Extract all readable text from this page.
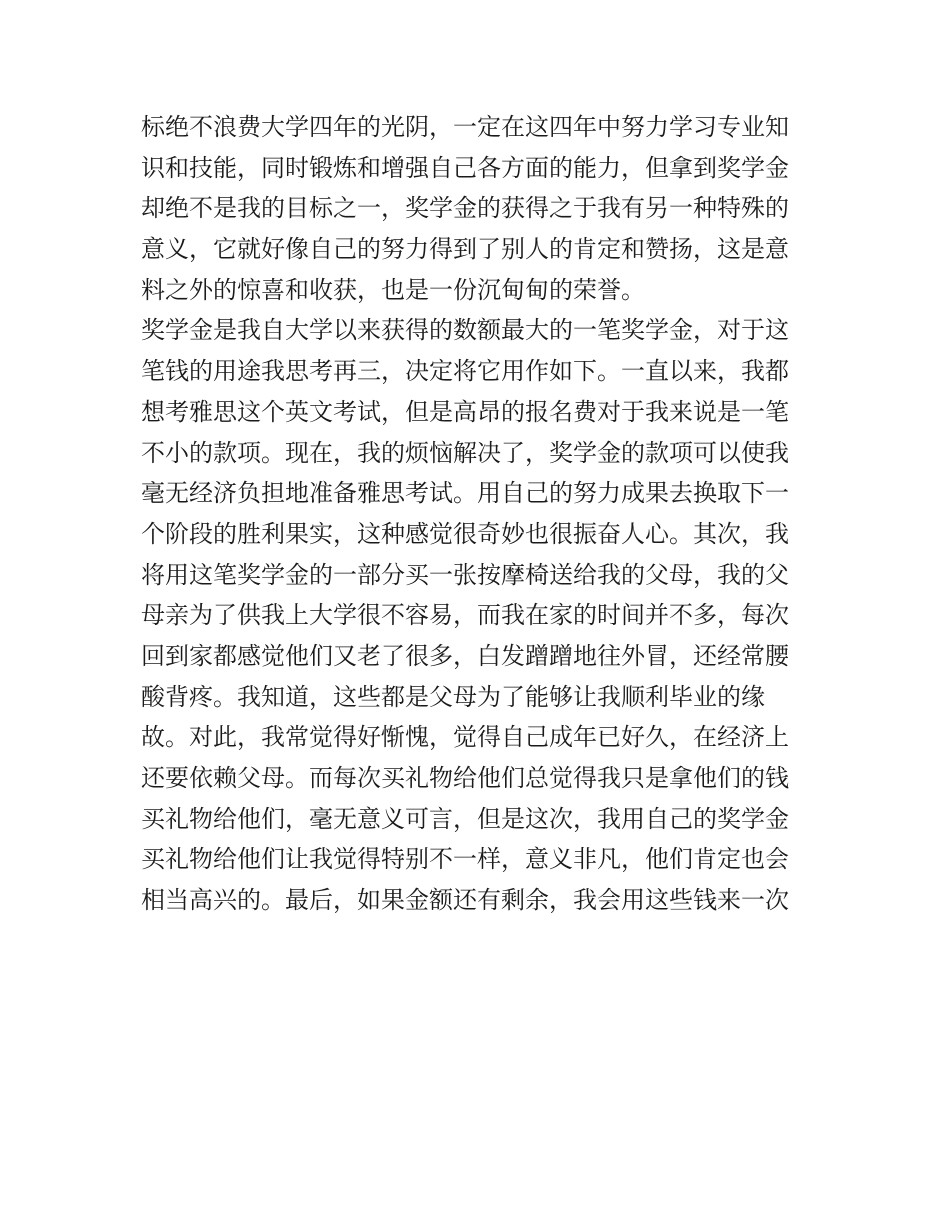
标绝不浪费大学四年的光阴，一定在这四年中努力学习专业知
识和技能，同时锻炼和增强自己各方面的能力，但拿到奖学金
却绝不是我的目标之一，奖学金的获得之于我有另一种特殊的
意义，它就好像自己的努力得到了别人的肯定和赞扬，这是意
料之外的惊喜和收获，也是一份沉甸甸的荣誉。
奖学金是我自大学以来获得的数额最大的一笔奖学金，对于这
笔钱的用途我思考再三，决定将它用作如下。一直以来，我都
想考雅思这个英文考试，但是高昂的报名费对于我来说是一笔
不小的款项。现在，我的烦恼解决了，奖学金的款项可以使我
毫无经济负担地准备雅思考试。用自己的努力成果去换取下一
个阶段的胜利果实，这种感觉很奇妙也很振奋人心。其次，我
将用这笔奖学金的一部分买一张按摩椅送给我的父母，我的父
母亲为了供我上大学很不容易，而我在家的时间并不多，每次
回到家都感觉他们又老了很多，白发蹭蹭地往外冒，还经常腰
酸背疼。我知道，这些都是父母为了能够让我顺利毕业的缘
故。对此，我常觉得好惭愧，觉得自己成年已好久，在经济上
还要依赖父母。而每次买礼物给他们总觉得我只是拿他们的钱
买礼物给他们，毫无意义可言，但是这次，我用自己的奖学金
买礼物给他们让我觉得特别不一样，意义非凡，他们肯定也会
相当高兴的。最后，如果金额还有剩余，我会用这些钱来一次
